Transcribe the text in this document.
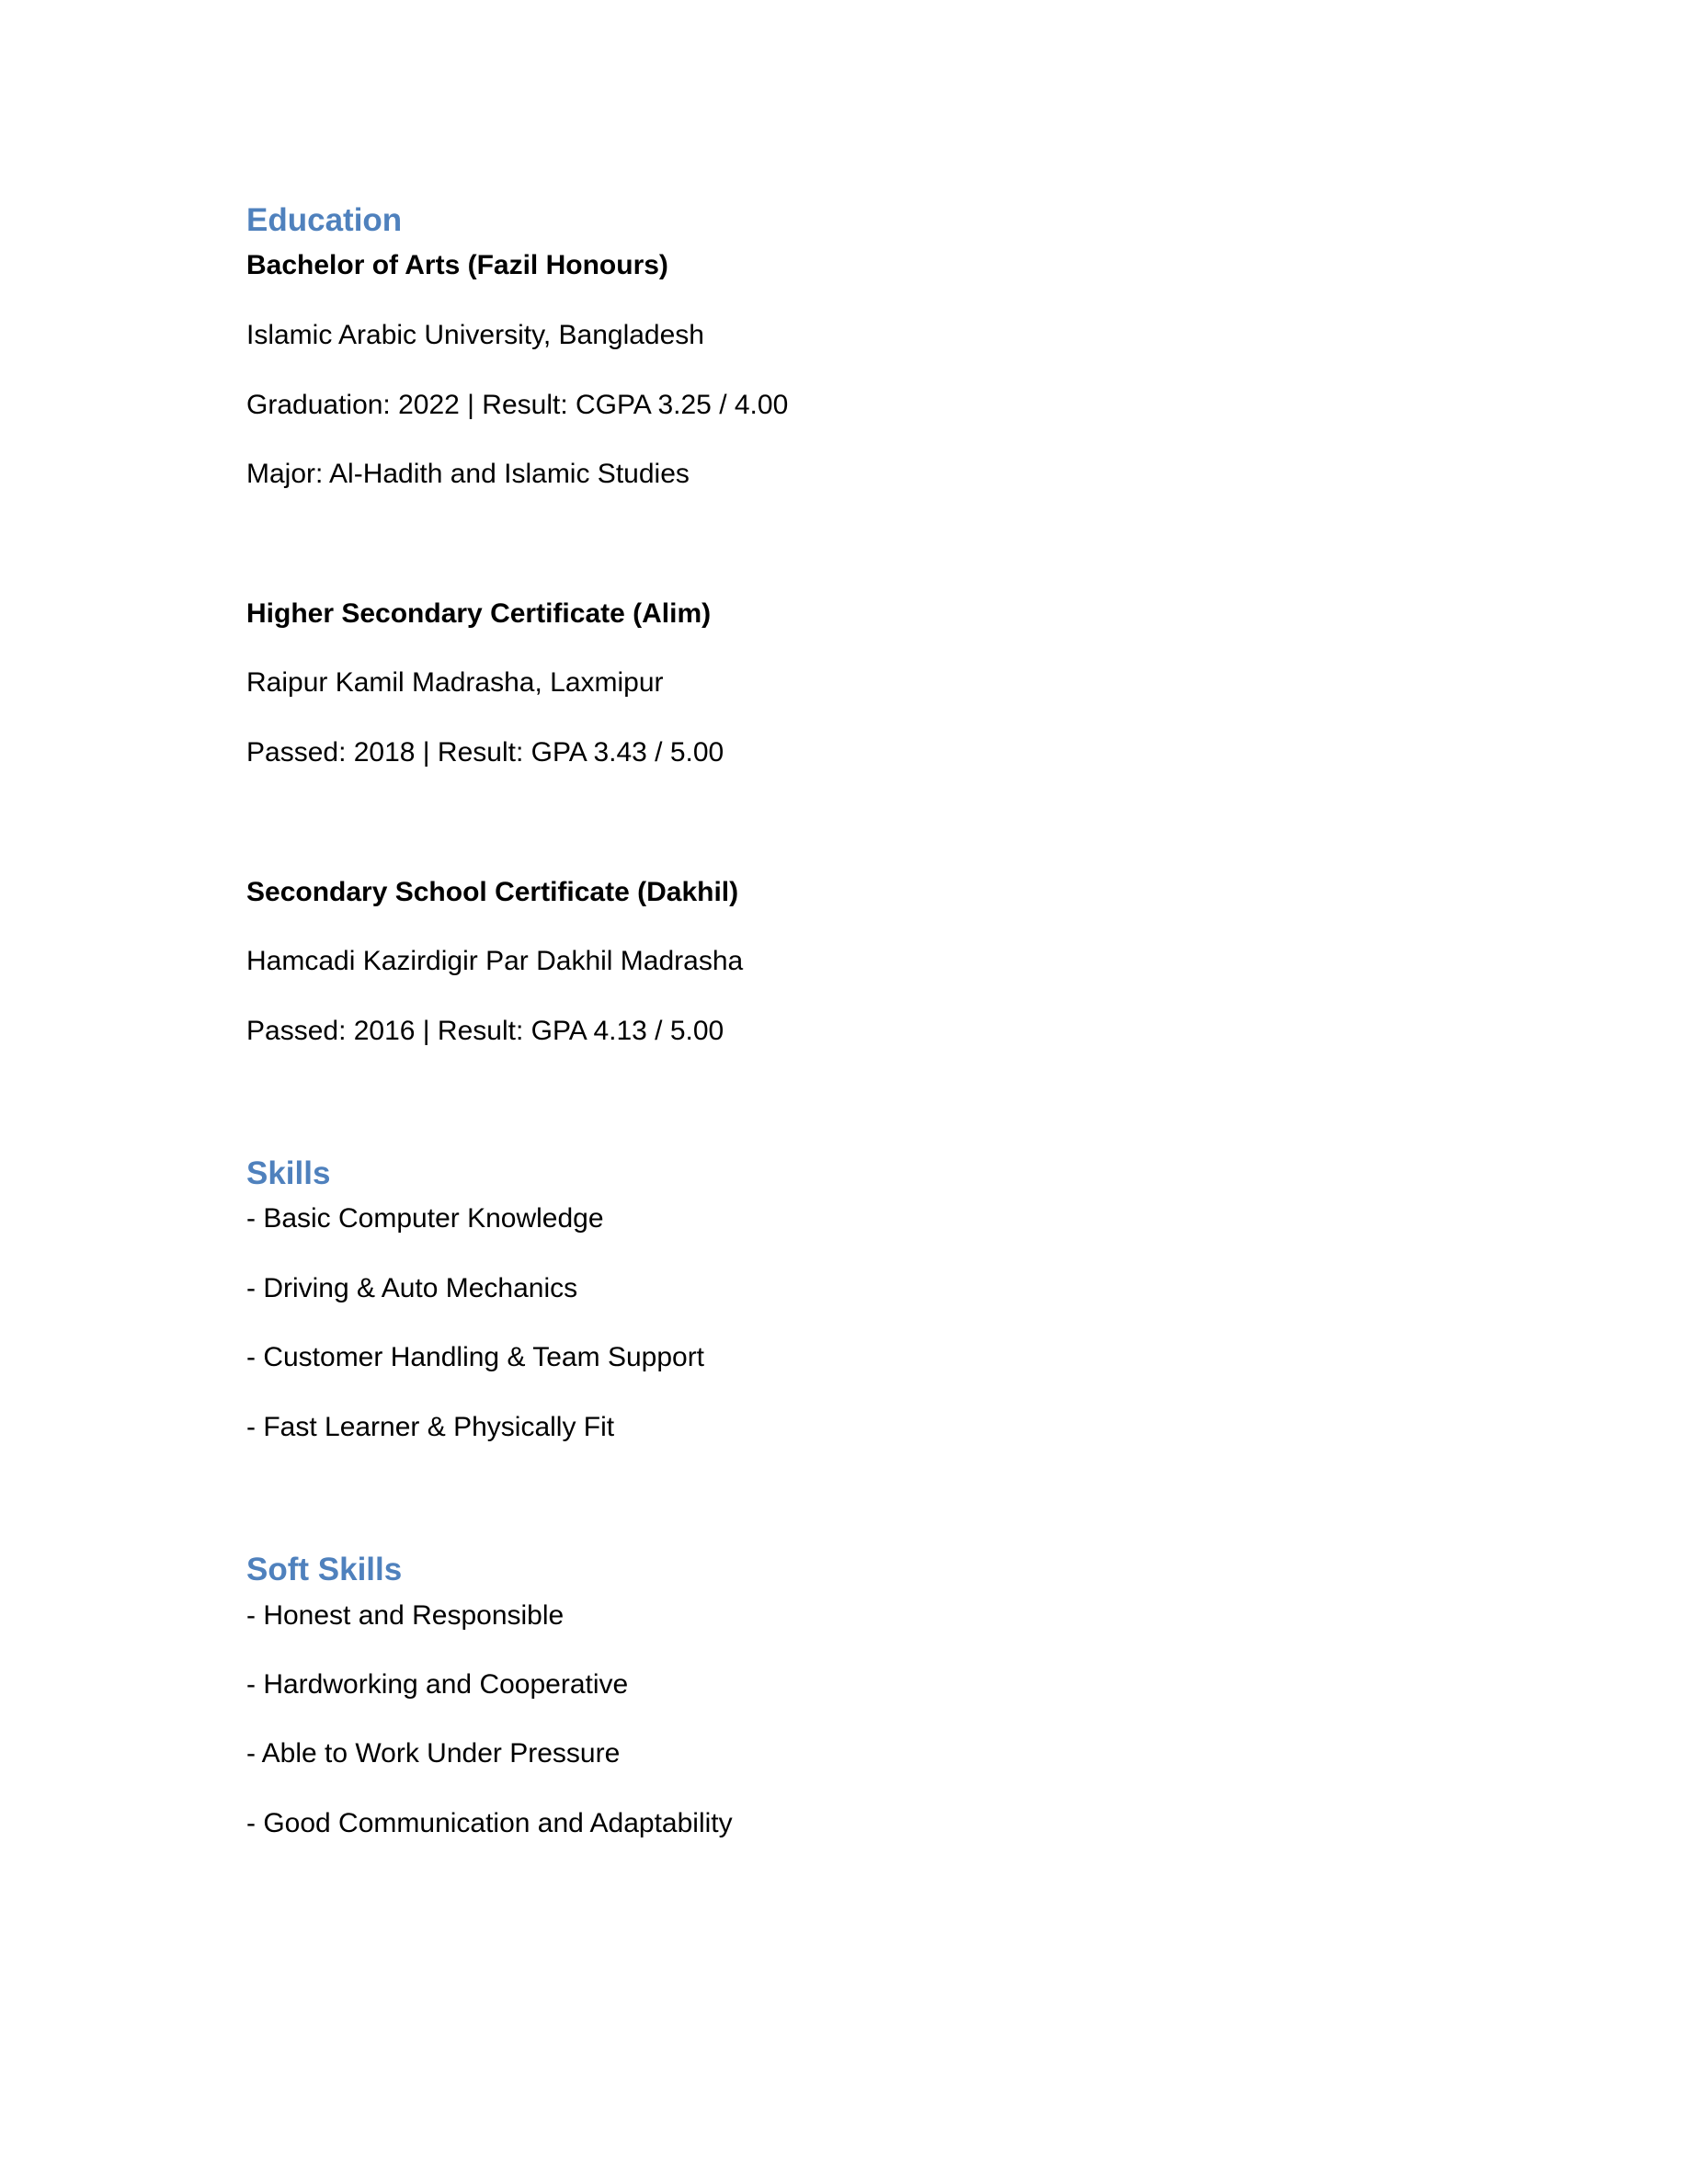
Education
Bachelor of Arts (Fazil Honours)
Islamic Arabic University, Bangladesh
Graduation: 2022 | Result: CGPA 3.25 / 4.00
Major: Al-Hadith and Islamic Studies
Higher Secondary Certificate (Alim)
Raipur Kamil Madrasha, Laxmipur
Passed: 2018 | Result: GPA 3.43 / 5.00
Secondary School Certificate (Dakhil)
Hamcadi Kazirdigir Par Dakhil Madrasha
Passed: 2016 | Result: GPA 4.13 / 5.00
Skills
- Basic Computer Knowledge
- Driving & Auto Mechanics
- Customer Handling & Team Support
- Fast Learner & Physically Fit
Soft Skills
- Honest and Responsible
- Hardworking and Cooperative
- Able to Work Under Pressure
- Good Communication and Adaptability
